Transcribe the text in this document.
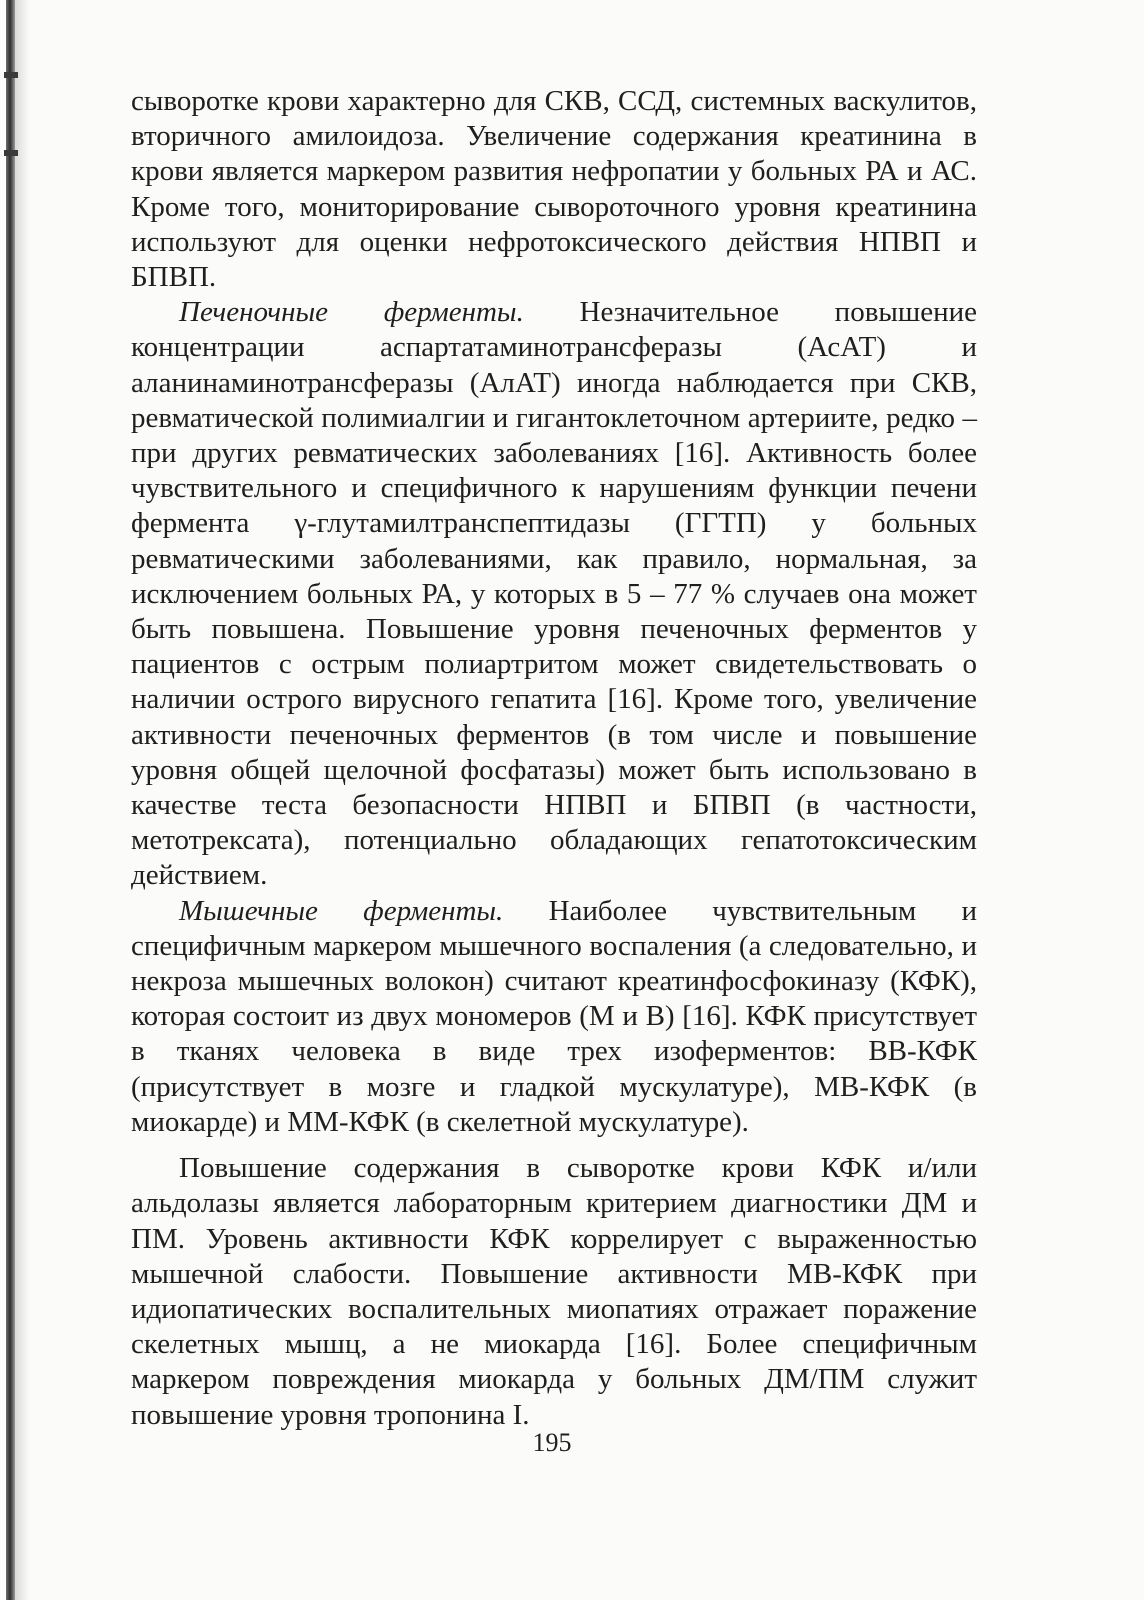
сыворотке крови характерно для СКВ, ССД, системных васкулитов, вторичного амилоидоза. Увеличение содержания креатинина в крови является маркером развития нефропатии у больных РА и АС. Кроме того, мониторирование сывороточного уровня креатинина используют для оценки нефротоксического действия НПВП и БПВП.

Печеночные ферменты. Незначительное повышение концентрации аспартатаминотрансферазы (АсАТ) и аланинаминотрансферазы (АлАТ) иногда наблюдается при СКВ, ревматической полимиалгии и гигантоклеточном артериите, редко – при других ревматических заболеваниях [16]. Активность более чувствительного и специфичного к нарушениям функции печени фермента γ-глутамилтранспептидазы (ГГТП) у больных ревматическими заболеваниями, как правило, нормальная, за исключением больных РА, у которых в 5 – 77 % случаев она может быть повышена. Повышение уровня печеночных ферментов у пациентов с острым полиартритом может свидетельствовать о наличии острого вирусного гепатита [16]. Кроме того, увеличение активности печеночных ферментов (в том числе и повышение уровня общей щелочной фосфатазы) может быть использовано в качестве теста безопасности НПВП и БПВП (в частности, метотрексата), потенциально обладающих гепатотоксическим действием.

Мышечные ферменты. Наиболее чувствительным и специфичным маркером мышечного воспаления (а следовательно, и некроза мышечных волокон) считают креатинфосфокиназу (КФК), которая состоит из двух мономеров (М и В) [16]. КФК присутствует в тканях человека в виде трех изоферментов: ВВ-КФК (присутствует в мозге и гладкой мускулатуре), МВ-КФК (в миокарде) и ММ-КФК (в скелетной мускулатуре).

Повышение содержания в сыворотке крови КФК и/или альдолазы является лабораторным критерием диагностики ДМ и ПМ. Уровень активности КФК коррелирует с выраженностью мышечной слабости. Повышение активности МВ-КФК при идиопатических воспалительных миопатиях отражает поражение скелетных мышц, а не миокарда [16]. Более специфичным маркером повреждения миокарда у больных ДМ/ПМ служит повышение уровня тропонина I.

195
